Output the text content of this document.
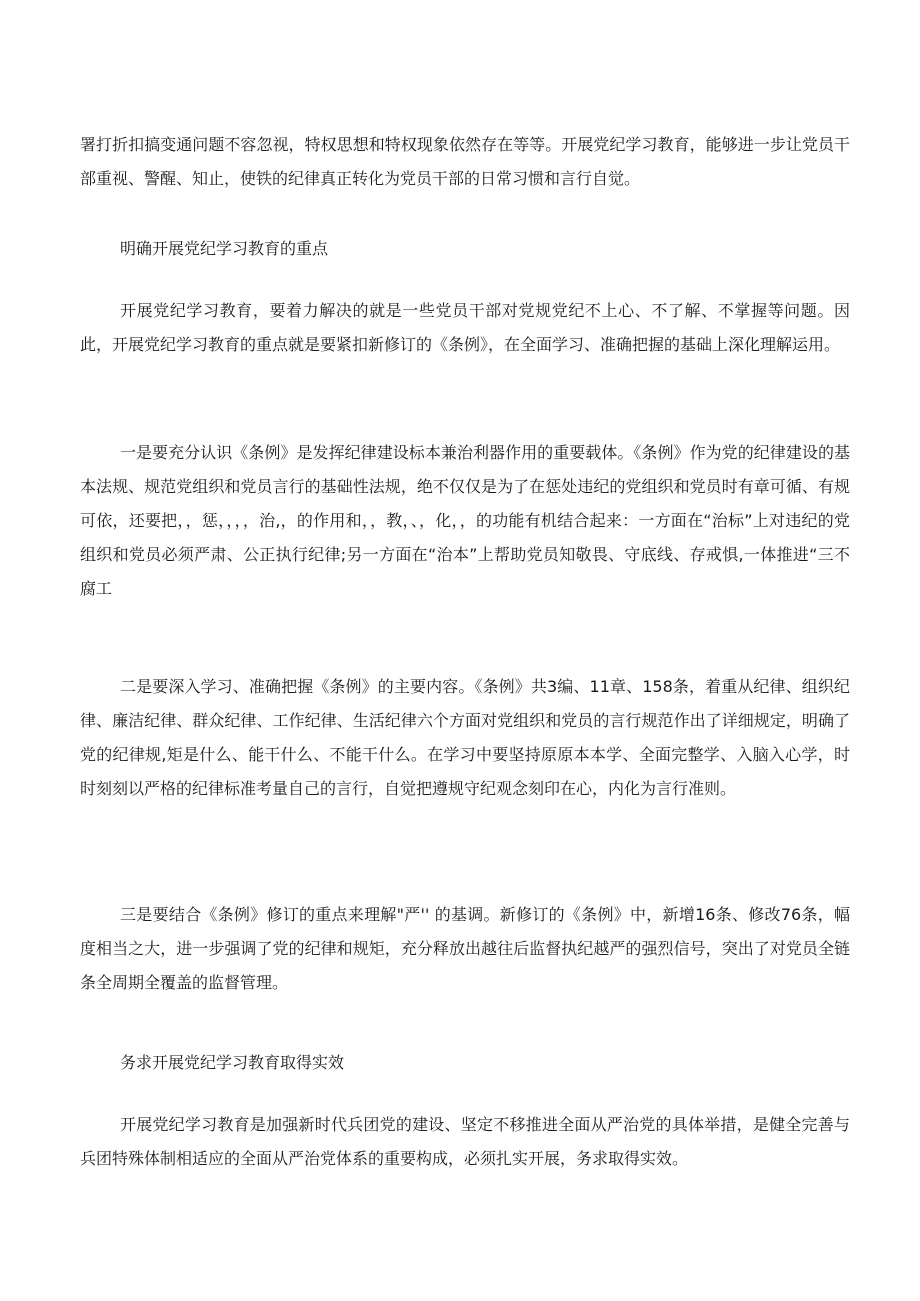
署打折扣搞变通问题不容忽视，特权思想和特权现象依然存在等等。开展党纪学习教育，能够进一步让党员干部重视、警醒、知止，使铁的纪律真正转化为党员干部的日常习惯和言行自觉。

明确开展党纪学习教育的重点

开展党纪学习教育，要着力解决的就是一些党员干部对党规党纪不上心、不了解、不掌握等问题。因此，开展党纪学习教育的重点就是要紧扣新修订的《条例》，在全面学习、准确把握的基础上深化理解运用。

一是要充分认识《条例》是发挥纪律建设标本兼治利器作用的重要载体。《条例》作为党的纪律建设的基本法规、规范党组织和党员言行的基础性法规，绝不仅仅是为了在惩处违纪的党组织和党员时有章可循、有规可依，还要把，，惩，，，，治,，的作用和，，教，、，化，，的功能有机结合起来：一方面在“治标”上对违纪的党组织和党员必须严肃、公正执行纪律;另一方面在“治本”上帮助党员知敬畏、守底线、存戒惧,一体推进“三不腐工

二是要深入学习、准确把握《条例》的主要内容。《条例》共3编、11章、158条，着重从纪律、组织纪律、廉洁纪律、群众纪律、工作纪律、生活纪律六个方面对党组织和党员的言行规范作出了详细规定，明确了党的纪律规,矩是什么、能干什么、不能干什么。在学习中要坚持原原本本学、全面完整学、入脑入心学，时时刻刻以严格的纪律标准考量自己的言行，自觉把遵规守纪观念刻印在心，内化为言行准则。

三是要结合《条例》修订的重点来理解"严'' 的基调。新修订的《条例》中，新增16条、修改76条，幅度相当之大，进一步强调了党的纪律和规矩，充分释放出越往后监督执纪越严的强烈信号，突出了对党员全链条全周期全覆盖的监督管理。

务求开展党纪学习教育取得实效

开展党纪学习教育是加强新时代兵团党的建设、坚定不移推进全面从严治党的具体举措，是健全完善与兵团特殊体制相适应的全面从严治党体系的重要构成，必须扎实开展，务求取得实效。
